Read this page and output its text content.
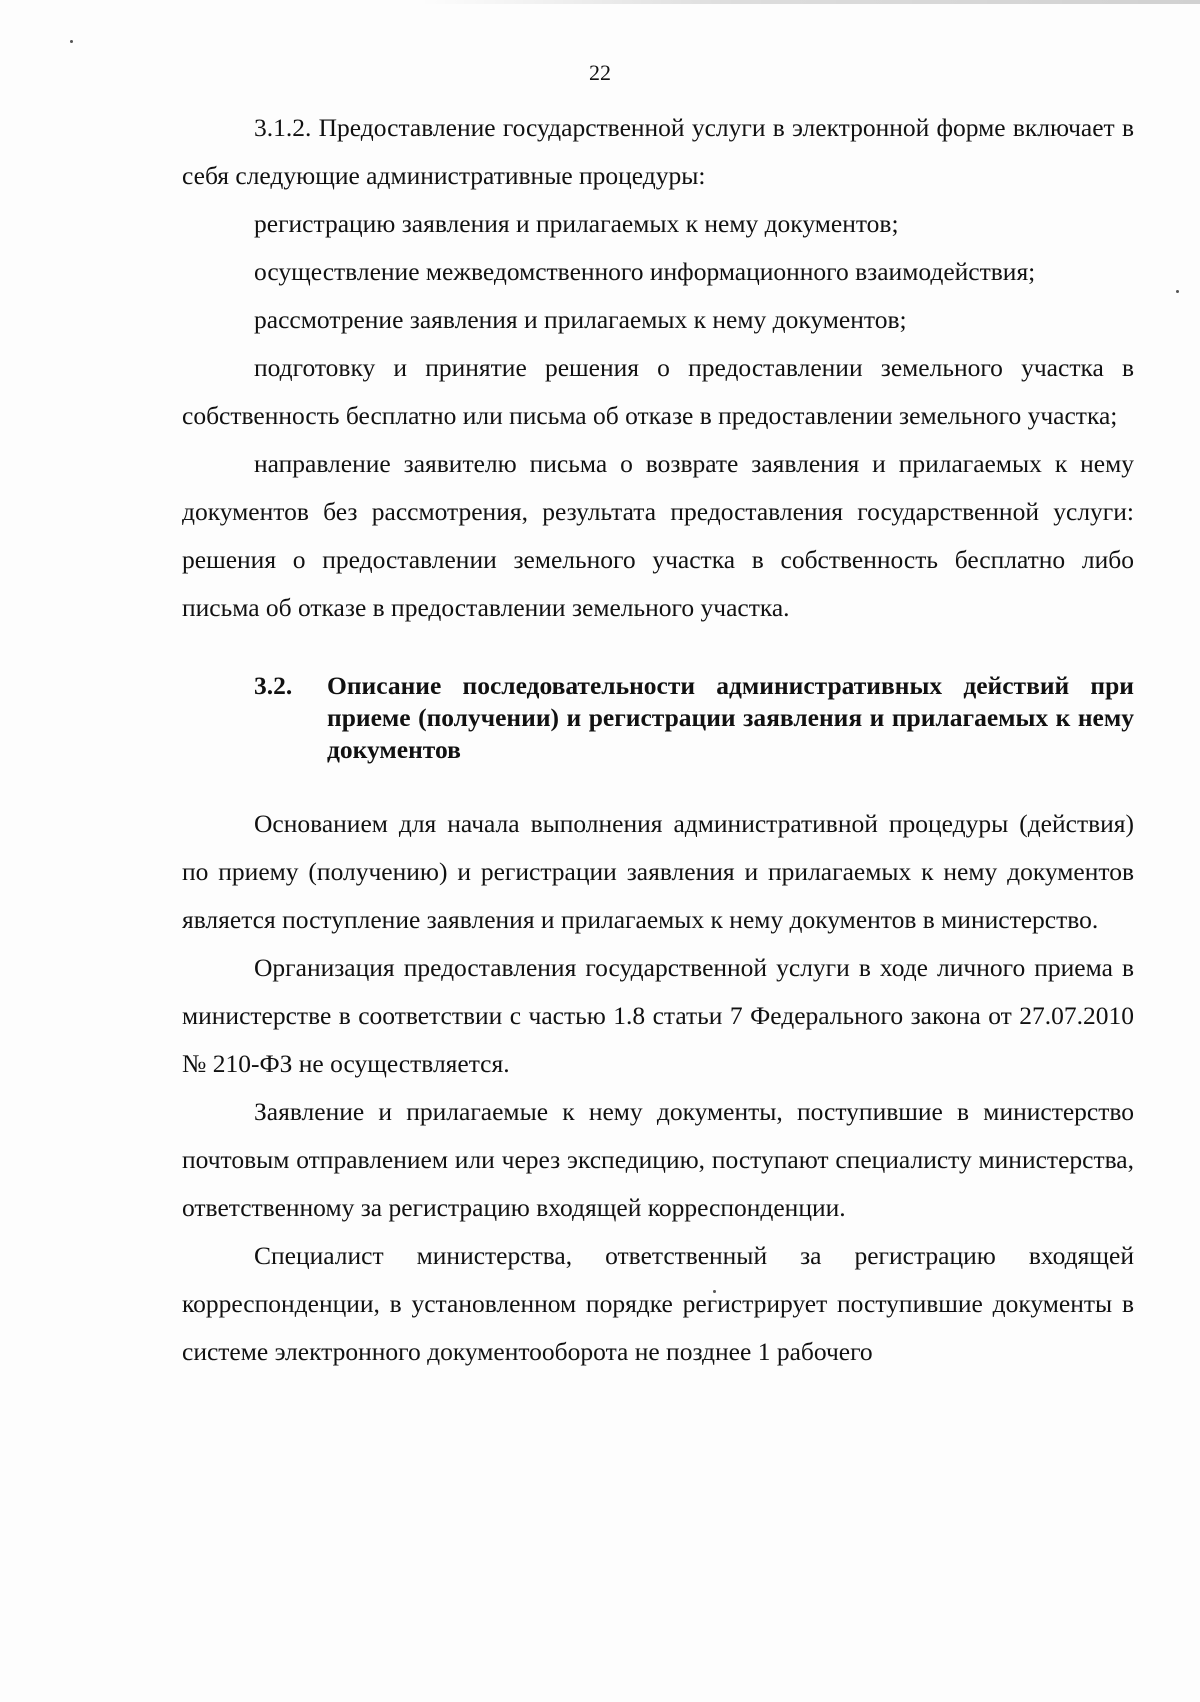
22

3.1.2. Предоставление государственной услуги в электронной форме включает в себя следующие административные процедуры:

регистрацию заявления и прилагаемых к нему документов;

осуществление межведомственного информационного взаимодействия;

рассмотрение заявления и прилагаемых к нему документов;

подготовку и принятие решения о предоставлении земельного участка в собственность бесплатно или письма об отказе в предоставлении земельного участка;

направление заявителю письма о возврате заявления и прилагаемых к нему документов без рассмотрения, результата предоставления государственной услуги: решения о предоставлении земельного участка в собственность бесплатно либо письма об отказе в предоставлении земельного участка.

3.2.	Описание последовательности административных действий при приеме (получении) и регистрации заявления и прилагаемых к нему документов

Основанием для начала выполнения административной процедуры (действия) по приему (получению) и регистрации заявления и прилагаемых к нему документов является поступление заявления и прилагаемых к нему документов в министерство.

Организация предоставления государственной услуги в ходе личного приема в министерстве в соответствии с частью 1.8 статьи 7 Федерального закона от 27.07.2010 № 210-ФЗ не осуществляется.

Заявление и прилагаемые к нему документы, поступившие в министерство почтовым отправлением или через экспедицию, поступают специалисту министерства, ответственному за регистрацию входящей корреспонденции.

Специалист министерства, ответственный за регистрацию входящей корреспонденции, в установленном порядке регистрирует поступившие документы в системе электронного документооборота не позднее 1 рабочего
